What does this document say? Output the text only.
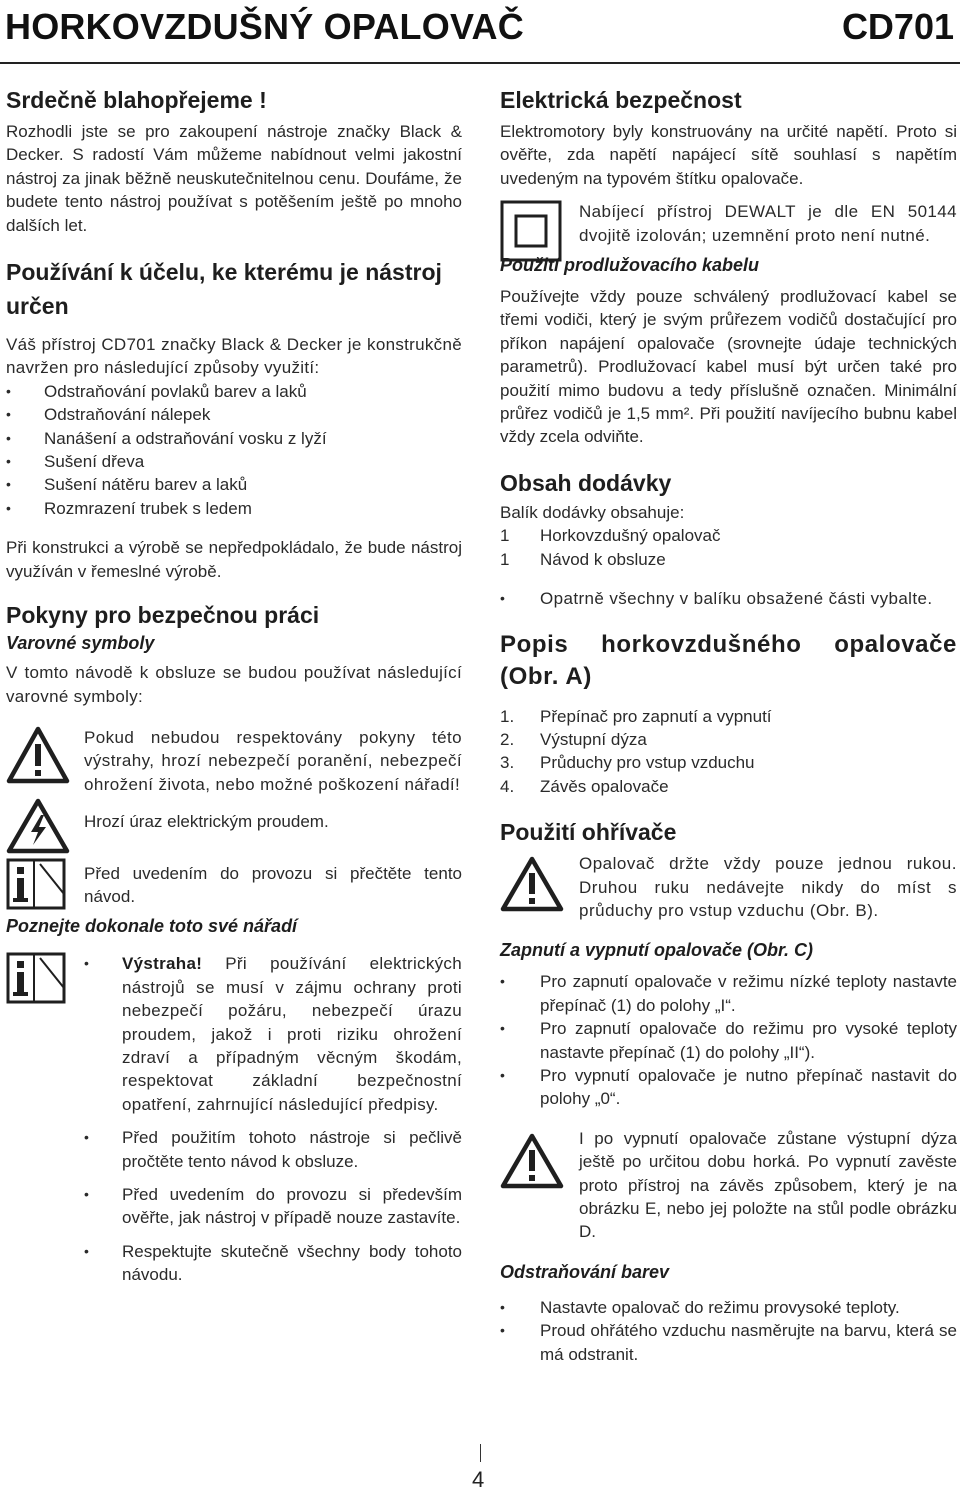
HORKOVZDUŠNÝ OPALOVAČ	CD701
Srdečně blahopřejeme !

Rozhodli jste se pro zakoupení nástroje značky Black & Decker. S radostí Vám můžeme nabídnout velmi jakostní nástroj za jinak běžně neuskutečnitelnou cenu. Doufáme, že budete tento nástroj používat s potěšením ještě po mnoho dalších let.

Používání k účelu, ke kterému je nástroj určen

Váš přístroj CD701 značky Black & Decker je konstrukčně navržen pro následující způsoby využití:

• Odstraňování povlaků barev a laků
• Odstraňování nálepek
• Nanášení a odstraňování vosku z lyží
• Sušení dřeva
• Sušení nátěru barev a laků
• Rozmrazení trubek s ledem

Při konstrukci a výrobě se nepředpokládalo, že bude nástroj využíván v řemeslné výrobě.

Pokyny pro bezpečnou práci
Varovné symboly

V tomto návodě k obsluze se budou používat následující varovné symboly:

Pokud nebudou respektovány pokyny této výstrahy, hrozí nebezpečí poranění, nebezpečí ohrožení života, nebo možné poškození nářadí!

Hrozí úraz elektrickým proudem.

Před uvedením do provozu si přečtěte tento návod.

Poznejte dokonale toto své nářadí
• Výstraha! Při používání elektrických nástrojů se musí v zájmu ochrany proti nebezpečí požáru, nebezpečí úrazu proudem, jakož i proti riziku ohrožení zdraví a případným věcným škodám, respektovat základní bezpečnostní opatření, zahrnující následující předpisy.
• Před použitím tohoto nástroje si pečlivě pročtěte tento návod k obsluze.
• Před uvedením do provozu si především ověřte, jak nástroj v případě nouze zastavíte.
• Respektujte skutečně všechny body tohoto návodu.
Elektrická bezpečnost

Elektromotory byly konstruovány na určité napětí. Proto si ověřte, zda napětí napájecí sítě souhlasí s napětím uvedeným na typovém štítku opalovače.

Nabíjecí přístroj DEWALT je dle EN 50144 dvojitě izolován; uzemnění proto není nutné.

Použití prodlužovacího kabelu

Používejte vždy pouze schválený prodlužovací kabel se třemi vodiči, který je svým průřezem vodičů dostačující pro příkon napájení opalovače (srovnejte údaje technických parametrů). Prodlužovací kabel musí být určen také pro použití mimo budovu a tedy příslušně označen. Minimální průřez vodičů je 1,5 mm². Při použití navíjecího bubnu kabel vždy zcela odviňte.

Obsah dodávky

Balík dodávky obsahuje:

1 Horkovzdušný opalovač
1 Návod k obsluze
• Opatrně všechny v balíku obsažené části vybalte.
Popis horkovzdušného opalovače (Obr. A)
1. Přepínač pro zapnutí a vypnutí
2. Výstupní dýza
3. Průduchy pro vstup vzduchu
4. Závěs opalovače
Použití ohřívače

Opalovač držte vždy pouze jednou rukou. Druhou ruku nedávejte nikdy do míst s průduchy pro vstup vzduchu (Obr. B).

Zapnutí a vypnutí opalovače (Obr. C)
• Pro zapnutí opalovače v režimu nízké teploty nastavte přepínač (1) do polohy „I“.
• Pro zapnutí opalovače do režimu pro vysoké teploty nastavte přepínač (1) do polohy „II“).
• Pro vypnutí opalovače je nutno přepínač nastavit do polohy „0“.

I po vypnutí opalovače zůstane výstupní dýza ještě po určitou dobu horká. Po vypnutí zavěste proto přístroj na závěs způsobem, který je na obrázku E, nebo jej položte na stůl podle obrázku D.

Odstraňování barev
• Nastavte opalovač do režimu provysoké teploty.
• Proud ohřátého vzduchu nasměrujte na barvu, která se má odstranit.
4
